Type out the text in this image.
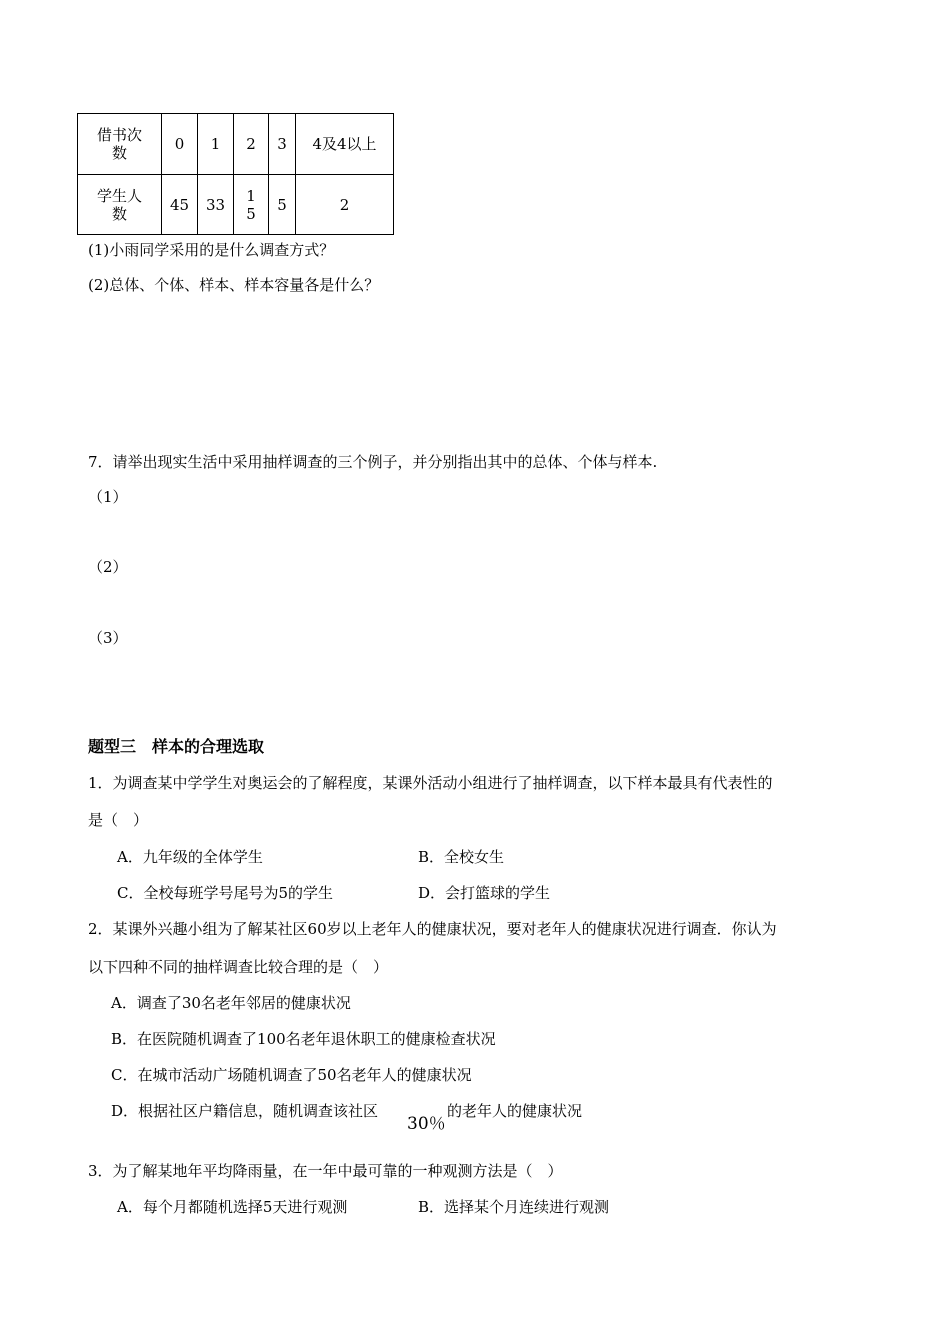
借书次数	0	1	2	3	4及4以上

学生人数	45	33	15	5	2
(1)小雨同学采用的是什么调查方式？
(2)总体、个体、样本、样本容量各是什么？
7．请举出现实生活中采用抽样调查的三个例子，并分别指出其中的总体、个体与样本.
（1）
（2）
（3）
题型三　样本的合理选取
1．为调查某中学学生对奥运会的了解程度，某课外活动小组进行了抽样调查，以下样本最具有代表性的
是（　）
A．九年级的全体学生	B．全校女生
C．全校每班学号尾号为5的学生	D．会打篮球的学生
2．某课外兴趣小组为了解某社区60岁以上老年人的健康状况，要对老年人的健康状况进行调查．你认为
以下四种不同的抽样调查比较合理的是（　）
A．调查了30名老年邻居的健康状况
B．在医院随机调查了100名老年退休职工的健康检查状况
C．在城市活动广场随机调查了50名老年人的健康状况
D．根据社区户籍信息，随机调查该社区
30％
的老年人的健康状况
3．为了解某地年平均降雨量，在一年中最可靠的一种观测方法是（　）
A．每个月都随机选择5天进行观测	B．选择某个月连续进行观测
